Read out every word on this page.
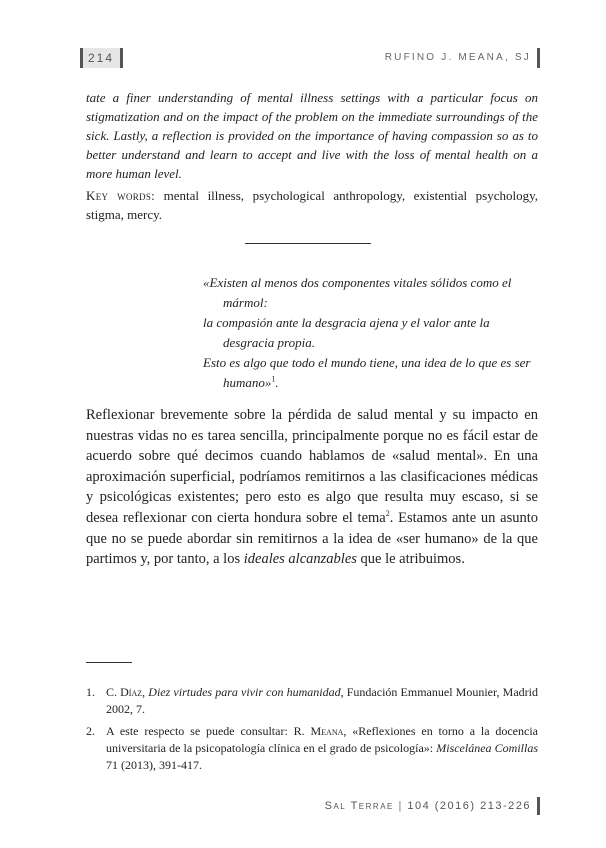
214	RUFINO J. MEANA, SJ
tate a finer understanding of mental illness settings with a particular focus on stigmatization and on the impact of the problem on the immediate surroundings of the sick. Lastly, a reflection is provided on the importance of having compassion so as to better understand and learn to accept and live with the loss of mental health on a more human level.
Key words: mental illness, psychological anthropology, existential psychology, stigma, mercy.
«Existen al menos dos componentes vitales sólidos como el mármol:
la compasión ante la desgracia ajena y el valor ante la desgracia propia.
Esto es algo que todo el mundo tiene, una idea de lo que es ser humano»$^1$.
Reflexionar brevemente sobre la pérdida de salud mental y su impacto en nuestras vidas no es tarea sencilla, principalmente porque no es fácil estar de acuerdo sobre qué decimos cuando hablamos de «salud mental». En una aproximación superficial, podríamos remitirnos a las clasificaciones médicas y psicológicas existentes; pero esto es algo que resulta muy escaso, si se desea reflexionar con cierta hondura sobre el tema$^2$. Estamos ante un asunto que no se puede abordar sin remitirnos a la idea de «ser humano» de la que partimos y, por tanto, a los ideales alcanzables que le atribuimos.
1. C. Díaz, Diez virtudes para vivir con humanidad, Fundación Emmanuel Mounier, Madrid 2002, 7.
2. A este respecto se puede consultar: R. Meana, «Reflexiones en torno a la docencia universitaria de la psicopatología clínica en el grado de psicología»: Miscelánea Comillas 71 (2013), 391-417.
Sal Terrae | 104 (2016) 213-226
